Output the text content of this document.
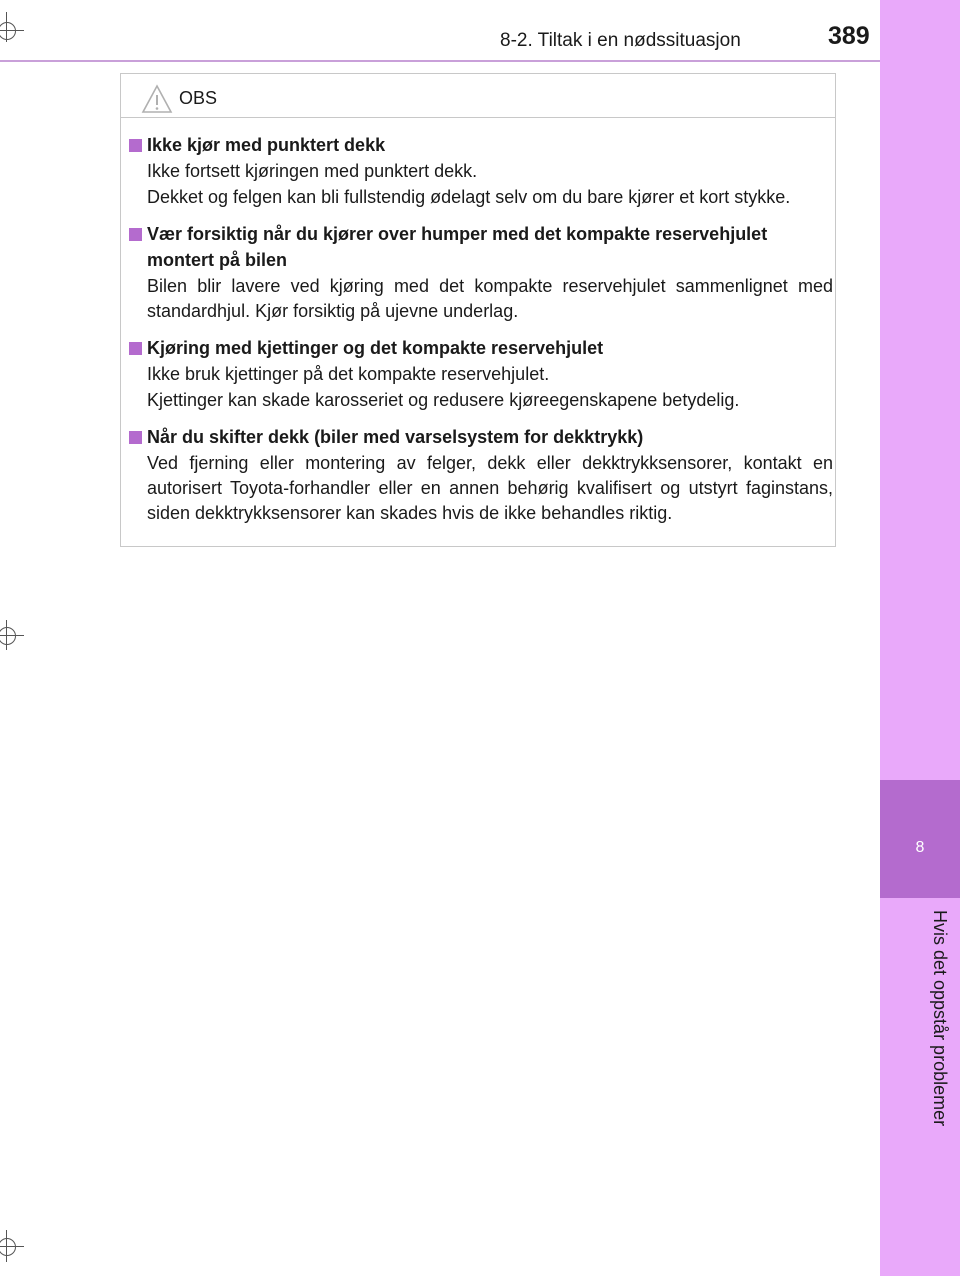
8-2. Tiltak i en nødssituasjon	389
8
Hvis det oppstår problemer
OBS
Ikke kjør med punktert dekk

Ikke fortsett kjøringen med punktert dekk.

Dekket og felgen kan bli fullstendig ødelagt selv om du bare kjører et kort stykke.

Vær forsiktig når du kjører over humper med det kompakte reservehjulet montert på bilen

Bilen blir lavere ved kjøring med det kompakte reservehjulet sammenlignet med standardhjul. Kjør forsiktig på ujevne underlag.

Kjøring med kjettinger og det kompakte reservehjulet

Ikke bruk kjettinger på det kompakte reservehjulet.

Kjettinger kan skade karosseriet og redusere kjøreegenskapene betydelig.

Når du skifter dekk (biler med varselsystem for dekktrykk)

Ved fjerning eller montering av felger, dekk eller dekktrykksensorer, kontakt en autorisert Toyota-forhandler eller en annen behørig kvalifisert og utstyrt faginstans, siden dekktrykksensorer kan skades hvis de ikke behandles riktig.
